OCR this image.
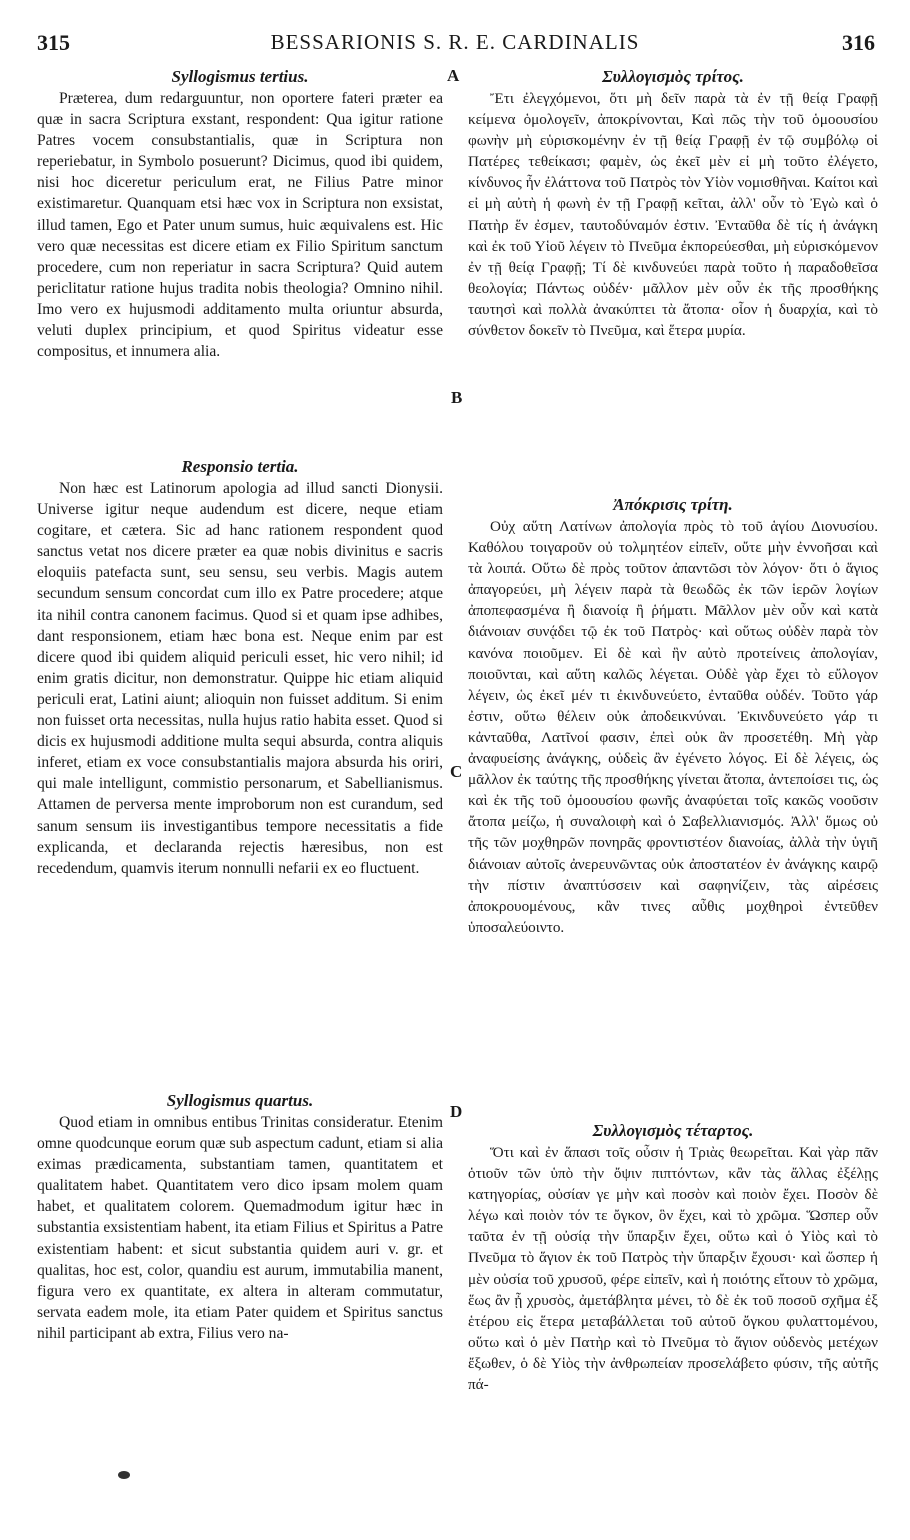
315	BESSARIONIS S. R. E. CARDINALIS	316
A
B
C
D
Syllogismus tertius.

Præterea, dum redarguuntur, non oportere fateri præter ea quæ in sacra Scriptura exstant, respondent: Qua igitur ratione Patres vocem consubstantialis, quæ in Scriptura non reperiebatur, in Symbolo posuerunt? Dicimus, quod ibi quidem, nisi hoc diceretur periculum erat, ne Filius Patre minor existimaretur. Quanquam etsi hæc vox in Scriptura non exsistat, illud tamen, Ego et Pater unum sumus, huic æquivalens est. Hic vero quæ necessitas est dicere etiam ex Filio Spiritum sanctum procedere, cum non reperiatur in sacra Scriptura? Quid autem periclitatur ratione hujus tradita nobis theologia? Omnino nihil. Imo vero ex hujusmodi additamento multa oriuntur absurda, veluti duplex principium, et quod Spiritus videatur esse compositus, et innumera alia.

Responsio tertia.

Non hæc est Latinorum apologia ad illud sancti Dionysii. Universe igitur neque audendum est dicere, neque etiam cogitare, et cætera. Sic ad hanc rationem respondent quod sanctus vetat nos dicere præter ea quæ nobis divinitus e sacris eloquiis patefacta sunt, seu sensu, seu verbis. Magis autem secundum sensum concordat cum illo ex Patre procedere; atque ita nihil contra canonem facimus. Quod si et quam ipse adhibes, dant responsionem, etiam hæc bona est. Neque enim par est dicere quod ibi quidem aliquid periculi esset, hic vero nihil; id enim gratis dicitur, non demonstratur. Quippe hic etiam aliquid periculi erat, Latini aiunt; alioquin non fuisset additum. Si enim non fuisset orta necessitas, nulla hujus ratio habita esset. Quod si dicis ex hujusmodi additione multa sequi absurda, contra aliquis inferet, etiam ex voce consubstantialis majora absurda his oriri, qui male intelligunt, commistio personarum, et Sabellianismus. Attamen de perversa mente improborum non est curandum, sed sanum sensum iis investigantibus tempore necessitatis a fide explicanda, et declaranda rejectis hæresibus, non est recedendum, quamvis iterum nonnulli nefarii ex eo fluctuent.

Syllogismus quartus.

Quod etiam in omnibus entibus Trinitas consideratur. Etenim omne quodcunque eorum quæ sub aspectum cadunt, etiam si alia eximas prædicamenta, substantiam tamen, quantitatem et qualitatem habet. Quantitatem vero dico ipsam molem quam habet, et qualitatem colorem. Quemadmodum igitur hæc in substantia exsistentiam habent, ita etiam Filius et Spiritus a Patre existentiam habent: et sicut substantia quidem auri v. gr. et qualitas, hoc est, color, quandiu est aurum, immutabilia manent, figura vero ex quantitate, ex altera in alteram commutatur, servata eadem mole, ita etiam Pater quidem et Spiritus sanctus nihil participant ab extra, Filius vero na-

Συλλογισμὸς τρίτος.

Ἔτι ἐλεγχόμενοι, ὅτι μὴ δεῖν παρὰ τὰ ἐν τῇ θείᾳ Γραφῇ κείμενα ὁμολογεῖν, ἀποκρίνονται, Καὶ πῶς τὴν τοῦ ὁμοουσίου φωνὴν μὴ εὑρισκομένην ἐν τῇ θείᾳ Γραφῇ ἐν τῷ συμβόλῳ οἱ Πατέρες τεθείκασι; φαμὲν, ὡς ἐκεῖ μὲν εἰ μὴ τοῦτο ἐλέγετο, κίνδυνος ἦν ἐλάττονα τοῦ Πατρὸς τὸν Υἱὸν νομισθῆναι. Καίτοι καὶ εἰ μὴ αὐτὴ ἡ φωνὴ ἐν τῇ Γραφῇ κεῖται, ἀλλ' οὖν τὸ Ἐγὼ καὶ ὁ Πατὴρ ἕν ἐσμεν, ταυτοδύναμόν ἐστιν. Ἐνταῦθα δὲ τίς ἡ ἀνάγκη καὶ ἐκ τοῦ Υἱοῦ λέγειν τὸ Πνεῦμα ἐκπορεύεσθαι, μὴ εὑρισκόμενον ἐν τῇ θείᾳ Γραφῇ; Τί δὲ κινδυνεύει παρὰ τοῦτο ἡ παραδοθεῖσα θεολογία; Πάντως οὐδέν· μᾶλλον μὲν οὖν ἐκ τῆς προσθήκης ταυτησὶ καὶ πολλὰ ἀνακύπτει τὰ ἄτοπα· οἷον ἡ δυαρχία, καὶ τὸ σύνθετον δοκεῖν τὸ Πνεῦμα, καὶ ἕτερα μυρία.

Ἀπόκρισις τρίτη.

Οὐχ αὕτη Λατίνων ἀπολογία πρὸς τὸ τοῦ ἁγίου Διονυσίου. Καθόλου τοιγαροῦν οὐ τολμητέον εἰπεῖν, οὔτε μὴν ἐννοῆσαι καὶ τὰ λοιπά. Οὕτω δὲ πρὸς τοῦτον ἀπαντῶσι τὸν λόγον· ὅτι ὁ ἅγιος ἀπαγορεύει, μὴ λέγειν παρὰ τὰ θεωδῶς ἐκ τῶν ἱερῶν λογίων ἀποπεφασμένα ἢ διανοίᾳ ἢ ῥήματι. Μᾶλλον μὲν οὖν καὶ κατὰ διάνοιαν συνᾴδει τῷ ἐκ τοῦ Πατρὸς· καὶ οὕτως οὐδὲν παρὰ τὸν κανόνα ποιοῦμεν. Εἰ δὲ καὶ ἣν αὐτὸ προτείνεις ἀπολογίαν, ποιοῦνται, καὶ αὕτη καλῶς λέγεται. Οὐδὲ γὰρ ἔχει τὸ εὔλογον λέγειν, ὡς ἐκεῖ μέν τι ἐκινδυνεύετο, ἐνταῦθα οὐδέν. Τοῦτο γάρ ἐστιν, οὕτω θέλειν οὐκ ἀποδεικνύναι. Ἐκινδυνεύετο γάρ τι κἀνταῦθα, Λατῖνοί φασιν, ἐπεὶ οὐκ ἂν προσετέθη. Μὴ γὰρ ἀναφυείσης ἀνάγκης, οὐδεὶς ἂν ἐγένετο λόγος. Εἰ δὲ λέγεις, ὡς μᾶλλον ἐκ ταύτης τῆς προσθήκης γίνεται ἄτοπα, ἀντεποίσει τις, ὡς καὶ ἐκ τῆς τοῦ ὁμοουσίου φωνῆς ἀναφύεται τοῖς κακῶς νοοῦσιν ἄτοπα μείζω, ἡ συναλοιφὴ καὶ ὁ Σαβελλιανισμός. Ἀλλ' ὅμως οὐ τῆς τῶν μοχθηρῶν πονηρᾶς φροντιστέον διανοίας, ἀλλὰ τὴν ὑγιῆ διάνοιαν αὐτοῖς ἀνερευνῶντας οὐκ ἀποστατέον ἐν ἀνάγκης καιρῷ τὴν πίστιν ἀναπτύσσειν καὶ σαφηνίζειν, τὰς αἱρέσεις ἀποκρουομένους, κἂν τινες αὖθις μοχθηροὶ ἐντεῦθεν ὑποσαλεύοιντο.

Συλλογισμὸς τέταρτος.

Ὅτι καὶ ἐν ἅπασι τοῖς οὖσιν ἡ Τριὰς θεωρεῖται. Καὶ γὰρ πᾶν ὁτιοῦν τῶν ὑπὸ τὴν ὄψιν πιπτόντων, κἂν τὰς ἄλλας ἐξέλῃς κατηγορίας, οὐσίαν γε μὴν καὶ ποσὸν καὶ ποιὸν ἔχει. Ποσὸν δὲ λέγω καὶ ποιὸν τόν τε ὄγκον, ὃν ἔχει, καὶ τὸ χρῶμα. Ὥσπερ οὖν ταῦτα ἐν τῇ οὐσίᾳ τὴν ὕπαρξιν ἔχει, οὕτω καὶ ὁ Υἱὸς καὶ τὸ Πνεῦμα τὸ ἅγιον ἐκ τοῦ Πατρὸς τὴν ὕπαρξιν ἔχουσι· καὶ ὥσπερ ἡ μὲν οὐσία τοῦ χρυσοῦ, φέρε εἰπεῖν, καὶ ἡ ποιότης εἴτουν τὸ χρῶμα, ἕως ἂν ᾖ χρυσὸς, ἀμετάβλητα μένει, τὸ δὲ ἐκ τοῦ ποσοῦ σχῆμα ἐξ ἑτέρου εἰς ἕτερα μεταβάλλεται τοῦ αὐτοῦ ὄγκου φυλαττομένου, οὕτω καὶ ὁ μὲν Πατὴρ καὶ τὸ Πνεῦμα τὸ ἅγιον οὐδενὸς μετέχων ἔξωθεν, ὁ δὲ Υἱὸς τὴν ἀνθρωπείαν προσελάβετο φύσιν, τῆς αὐτῆς πά-
